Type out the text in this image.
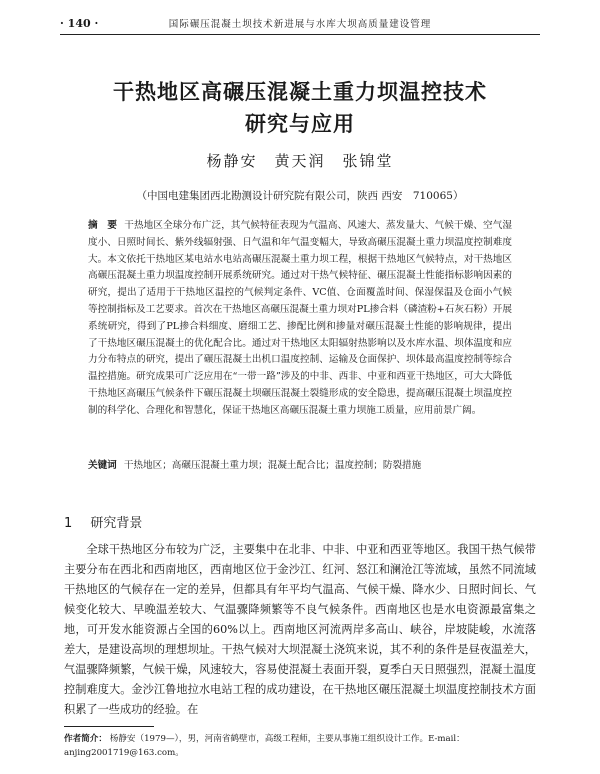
· 140 ·	国际碾压混凝土坝技术新进展与水库大坝高质量建设管理
干热地区高碾压混凝土重力坝温控技术
研究与应用
杨静安　黄天润　张锦堂
（中国电建集团西北勘测设计研究院有限公司，陕西 西安　710065）
摘　要 干热地区全球分布广泛，其气候特征表现为气温高、风速大、蒸发量大、气候干燥、空气湿度小、日照时间长、紫外线辐射强、日气温和年气温变幅大，导致高碾压混凝土重力坝温度控制难度大。本文依托干热地区某电站水电站高碾压混凝土重力坝工程，根据干热地区气候特点，对干热地区高碾压混凝土重力坝温度控制开展系统研究。通过对干热气候特征、碾压混凝土性能指标影响因素的研究，提出了适用于干热地区温控的气候判定条件、VC值、仓面覆盖时间、保湿保温及仓面小气候等控制指标及工艺要求。首次在干热地区高碾压混凝土重力坝对PL掺合料（磷渣粉+石灰石粉）开展系统研究，得到了PL掺合料细度、磨细工艺、掺配比例和掺量对碾压混凝土性能的影响规律，提出了干热地区碾压混凝土的优化配合比。通过对干热地区太阳辐射热影响以及水库水温、坝体温度和应力分布特点的研究，提出了碾压混凝土出机口温度控制、运输及仓面保护、坝体最高温度控制等综合温控措施。研究成果可广泛应用在“一带一路”涉及的中非、西非、中亚和西亚干热地区，可大大降低干热地区高碾压气候条件下碾压混凝土坝碾压混凝土裂缝形成的安全隐患，提高碾压混凝土坝温度控制的科学化、合理化和智慧化，保证干热地区高碾压混凝土重力坝施工质量，应用前景广阔。
关键词 干热地区；高碾压混凝土重力坝；混凝土配合比；温度控制；防裂措施
1 研究背景
全球干热地区分布较为广泛，主要集中在北非、中非、中亚和西亚等地区。我国干热气候带主要分布在西北和西南地区，西南地区位于金沙江、红河、怒江和澜沧江等流域，虽然不同流域干热地区的气候存在一定的差异，但都具有年平均气温高、气候干燥、降水少、日照时间长、气候变化较大、早晚温差较大、气温骤降频繁等不良气候条件。西南地区也是水电资源最富集之地，可开发水能资源占全国的60%以上。西南地区河流两岸多高山、峡谷，岸坡陡峻，水流落差大，是建设高坝的理想坝址。干热气候对大坝混凝土浇筑来说，其不利的条件是昼夜温差大，气温骤降频繁，气候干燥，风速较大，容易使混凝土表面开裂，夏季白天日照强烈，混凝土温度控制难度大。金沙江鲁地拉水电站工程的成功建设，在干热地区碾压混凝土坝温度控制技术方面积累了一些成功的经验。在
作者简介： 杨静安（1979—），男，河南省鹤壁市，高级工程师，主要从事施工组织设计工作。E-mail：anjing2001719@163.com。
